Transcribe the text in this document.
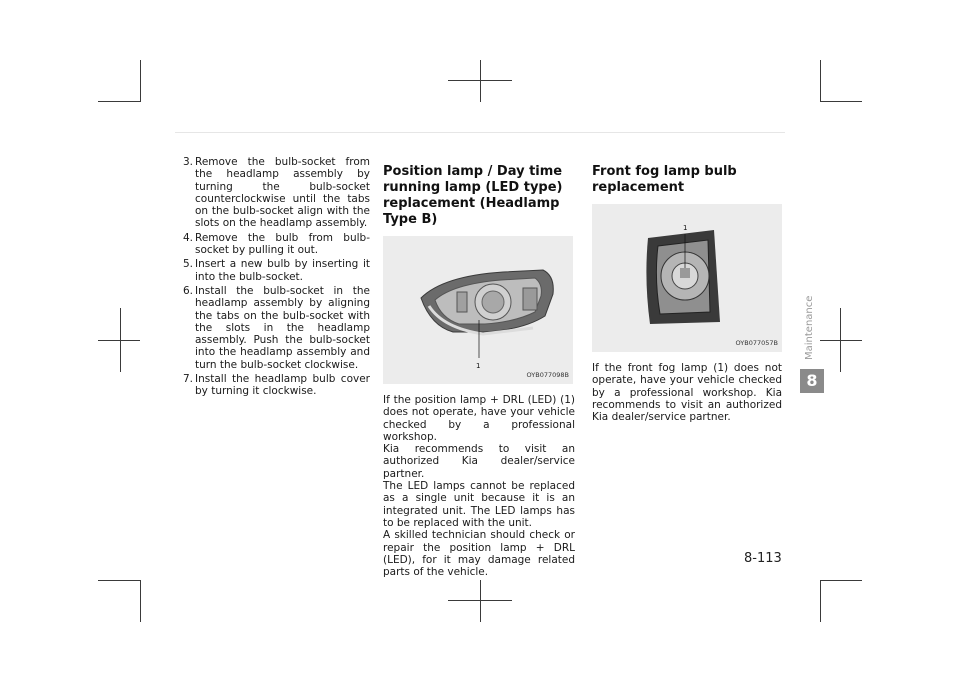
3. Remove the bulb-socket from the headlamp assembly by turning the bulb-socket counterclockwise until the tabs on the bulb-socket align with the slots on the headlamp assembly.
4. Remove the bulb from bulb-socket by pulling it out.
5. Insert a new bulb by inserting it into the bulb-socket.
6. Install the bulb-socket in the headlamp assembly by aligning the tabs on the bulb-socket with the slots in the headlamp assembly. Push the bulb-socket into the headlamp assembly and turn the bulb-socket clockwise.
7. Install the headlamp bulb cover by turning it clockwise.
Position lamp / Day time running lamp (LED type) replacement (Headlamp Type B)
1
OYB077098B

If the position lamp + DRL (LED) (1) does not operate, have your vehicle checked by a professional workshop.
Kia recommends to visit an authorized Kia dealer/service partner.
The LED lamps cannot be replaced as a single unit because it is an integrated unit. The LED lamps has to be replaced with the unit.
A skilled technician should check or repair the position lamp + DRL (LED), for it may damage related parts of the vehicle.

Front fog lamp bulb replacement
1
OYB077057B

If the front fog lamp (1) does not operate, have your vehicle checked by a professional workshop. Kia recommends to visit an authorized Kia dealer/service partner.

Maintenance
8
8-113
